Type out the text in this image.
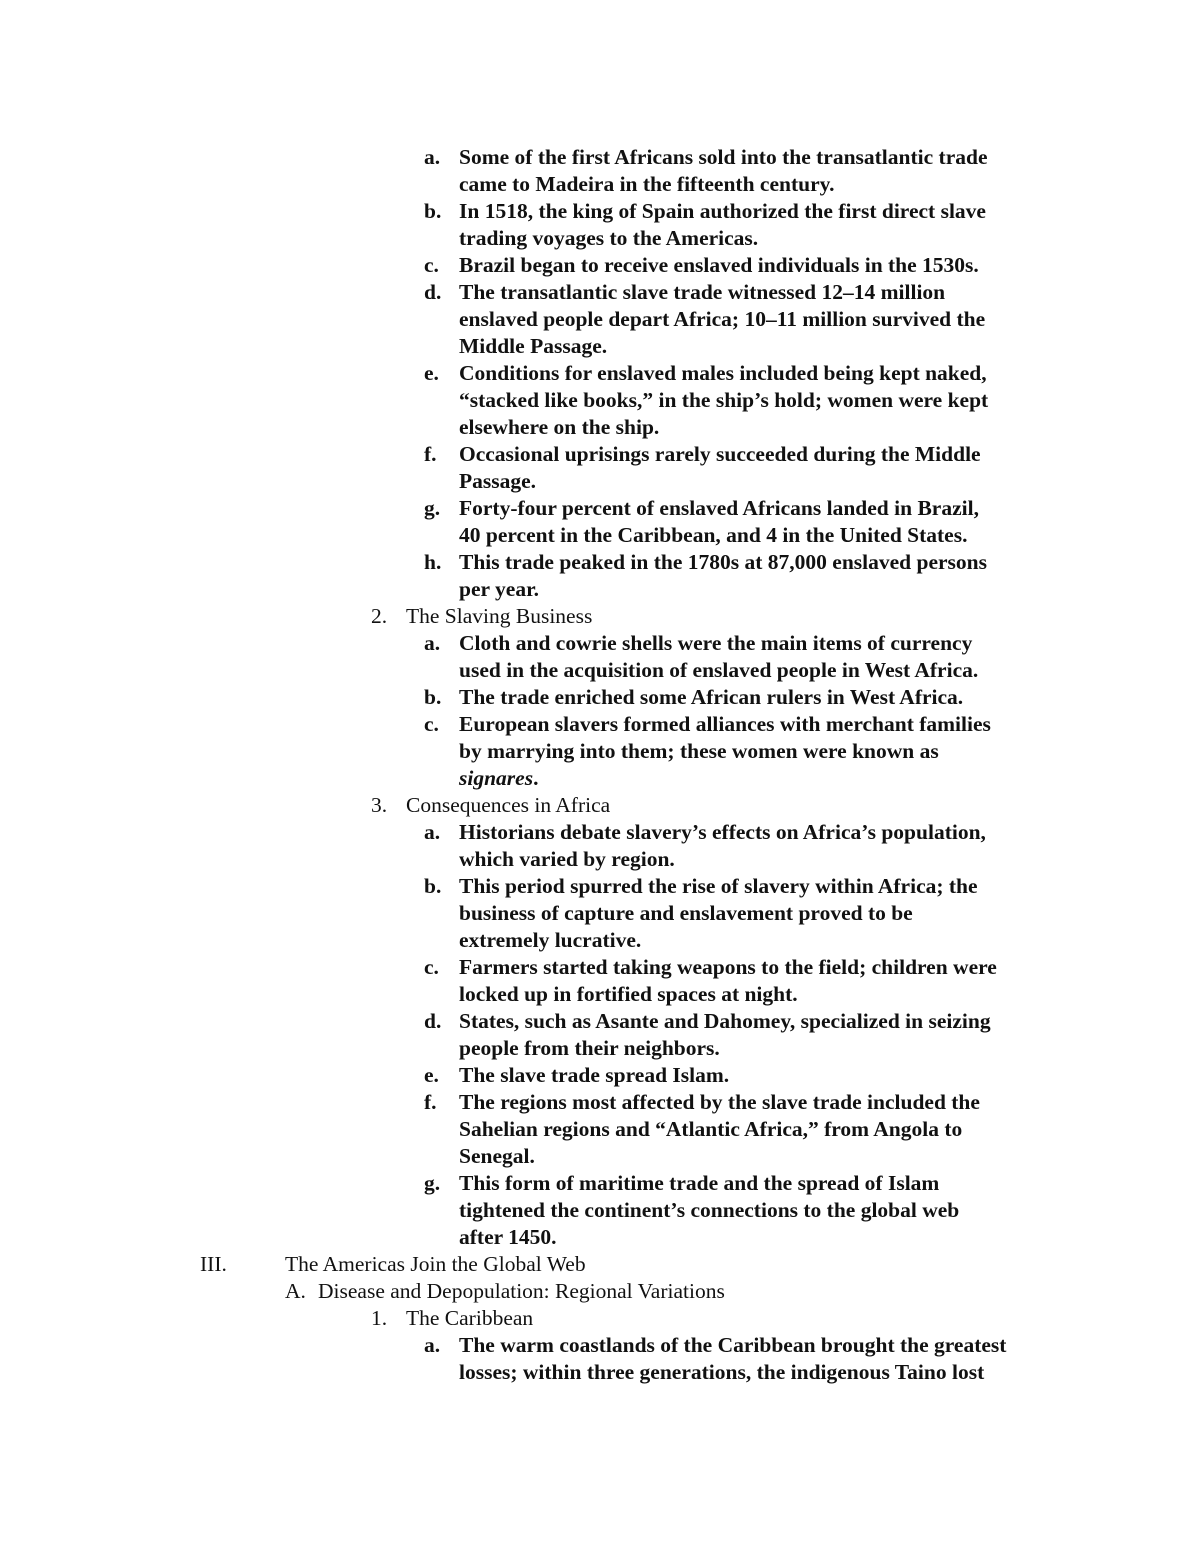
a. Some of the first Africans sold into the transatlantic trade
came to Madeira in the fifteenth century.
b. In 1518, the king of Spain authorized the first direct slave
trading voyages to the Americas.
c. Brazil began to receive enslaved individuals in the 1530s.
d. The transatlantic slave trade witnessed 12–14 million
enslaved people depart Africa; 10–11 million survived the
Middle Passage.
e. Conditions for enslaved males included being kept naked,
“stacked like books,” in the ship’s hold; women were kept
elsewhere on the ship.
f. Occasional uprisings rarely succeeded during the Middle
Passage.
g. Forty-four percent of enslaved Africans landed in Brazil,
40 percent in the Caribbean, and 4 in the United States.
h. This trade peaked in the 1780s at 87,000 enslaved persons
per year.
2. The Slaving Business
a. Cloth and cowrie shells were the main items of currency
used in the acquisition of enslaved people in West Africa.
b. The trade enriched some African rulers in West Africa.
c. European slavers formed alliances with merchant families
by marrying into them; these women were known as
signares.
3. Consequences in Africa
a. Historians debate slavery’s effects on Africa’s population,
which varied by region.
b. This period spurred the rise of slavery within Africa; the
business of capture and enslavement proved to be
extremely lucrative.
c. Farmers started taking weapons to the field; children were
locked up in fortified spaces at night.
d. States, such as Asante and Dahomey, specialized in seizing
people from their neighbors.
e. The slave trade spread Islam.
f. The regions most affected by the slave trade included the
Sahelian regions and “Atlantic Africa,” from Angola to
Senegal.
g. This form of maritime trade and the spread of Islam
tightened the continent’s connections to the global web
after 1450.
III.	The Americas Join the Global Web
A. Disease and Depopulation: Regional Variations
1. The Caribbean
a. The warm coastlands of the Caribbean brought the greatest
losses; within three generations, the indigenous Taino lost
